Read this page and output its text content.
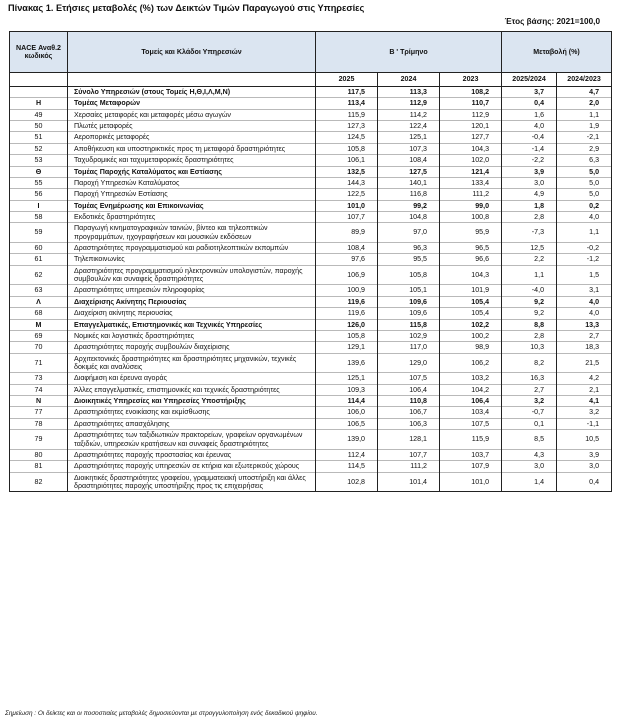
Πίνακας 1. Ετήσιες μεταβολές (%) των Δεικτών Τιμών Παραγωγού στις Υπηρεσίες
Έτος βάσης: 2021=100,0
NACE Αναθ.2 κωδικός	Τομείς και Κλάδοι Υπηρεσιών	Β ' Τρίμηνο			Μεταβολή (%)	
		2025	2024	2023	2025/2024	2024/2023
	Σύνολο Υπηρεσιών (στους Τομείς Η,Θ,Ι,Λ,Μ,Ν)	117,5	113,3	108,2	3,7	4,7
Η	Τομέας Μεταφορών	113,4	112,9	110,7	0,4	2,0
49	Χερσαίες μεταφορές και μεταφορές μέσω αγωγών	115,9	114,2	112,9	1,6	1,1
50	Πλωτές μεταφορές	127,3	122,4	120,1	4,0	1,9
51	Αεροπορικές μεταφορές	124,5	125,1	127,7	-0,4	-2,1
52	Αποθήκευση και υποστηρικτικές προς τη μεταφορά δραστηριότητες	105,8	107,3	104,3	-1,4	2,9
53	Ταχυδρομικές και ταχυμεταφορικές δραστηριότητες	106,1	108,4	102,0	-2,2	6,3
Θ	Τομέας Παροχής Καταλύματος και Εστίασης	132,5	127,5	121,4	3,9	5,0
55	Παροχή Υπηρεσιών Καταλύματος	144,3	140,1	133,4	3,0	5,0
56	Παροχή Υπηρεσιών Εστίασης	122,5	116,8	111,2	4,9	5,0
Ι	Τομέας Ενημέρωσης και Επικοινωνίας	101,0	99,2	99,0	1,8	0,2
58	Εκδοτικές δραστηριότητες	107,7	104,8	100,8	2,8	4,0
59	Παραγωγή κινηματογραφικών ταινιών, βίντεο και τηλεοπτικών προγραμμάτων, ηχογραφήσεων και μουσικών εκδόσεων	89,9	97,0	95,9	-7,3	1,1
60	Δραστηριότητες προγραμματισμού και ραδιοτηλεοπτικών εκπομπών	108,4	96,3	96,5	12,5	-0,2
61	Τηλεπικοινωνίες	97,6	95,5	96,6	2,2	-1,2
62	Δραστηριότητες προγραμματισμού ηλεκτρονικών υπολογιστών, παροχής συμβουλών και συναφείς δραστηριότητες	106,9	105,8	104,3	1,1	1,5
63	Δραστηριότητες υπηρεσιών πληροφορίας	100,9	105,1	101,9	-4,0	3,1
Λ	Διαχείρισης Ακίνητης Περιουσίας	119,6	109,6	105,4	9,2	4,0
68	Διαχείριση ακίνητης περιουσίας	119,6	109,6	105,4	9,2	4,0
Μ	Επαγγελματικές, Επιστημονικές και Τεχνικές Υπηρεσίες	126,0	115,8	102,2	8,8	13,3
69	Νομικές και λογιστικές δραστηριότητες	105,8	102,9	100,2	2,8	2,7
70	Δραστηριότητες παροχής συμβουλών διαχείρισης	129,1	117,0	98,9	10,3	18,3
71	Αρχιτεκτονικές δραστηριότητες και δραστηριότητες μηχανικών, τεχνικές δοκιμές και αναλύσεις	139,6	129,0	106,2	8,2	21,5
73	Διαφήμιση και έρευνα αγοράς	125,1	107,5	103,2	16,3	4,2
74	Άλλες επαγγελματικές, επιστημονικές και τεχνικές δραστηριότητες	109,3	106,4	104,2	2,7	2,1
Ν	Διοικητικές Υπηρεσίες και Υπηρεσίες Υποστήριξης	114,4	110,8	106,4	3,2	4,1
77	Δραστηριότητες ενοικίασης και εκμίσθωσης	106,0	106,7	103,4	-0,7	3,2
78	Δραστηριότητες απασχόλησης	106,5	106,3	107,5	0,1	-1,1
79	Δραστηριότητες των ταξιδιωτικών πρακτορείων, γραφείων οργανωμένων ταξιδιών, υπηρεσιών κρατήσεων και συναφείς δραστηριότητες	139,0	128,1	115,9	8,5	10,5
80	Δραστηριότητες παροχής προστασίας και έρευνας	112,4	107,7	103,7	4,3	3,9
81	Δραστηριότητες παροχής υπηρεσιών σε κτήρια και εξωτερικούς χώρους	114,5	111,2	107,9	3,0	3,0
82	Διοικητικές δραστηριότητες γραφείου, γραμματειακή υποστήριξη και άλλες δραστηριότητες παροχής υποστήριξης προς τις επιχειρήσεις	102,8	101,4	101,0	1,4	0,4
Σημείωση : Οι δείκτες και οι ποσοστιαίες μεταβολές δημοσιεύονται με στρογγυλοποίηση ενός δεκαδικού ψηφίου.
